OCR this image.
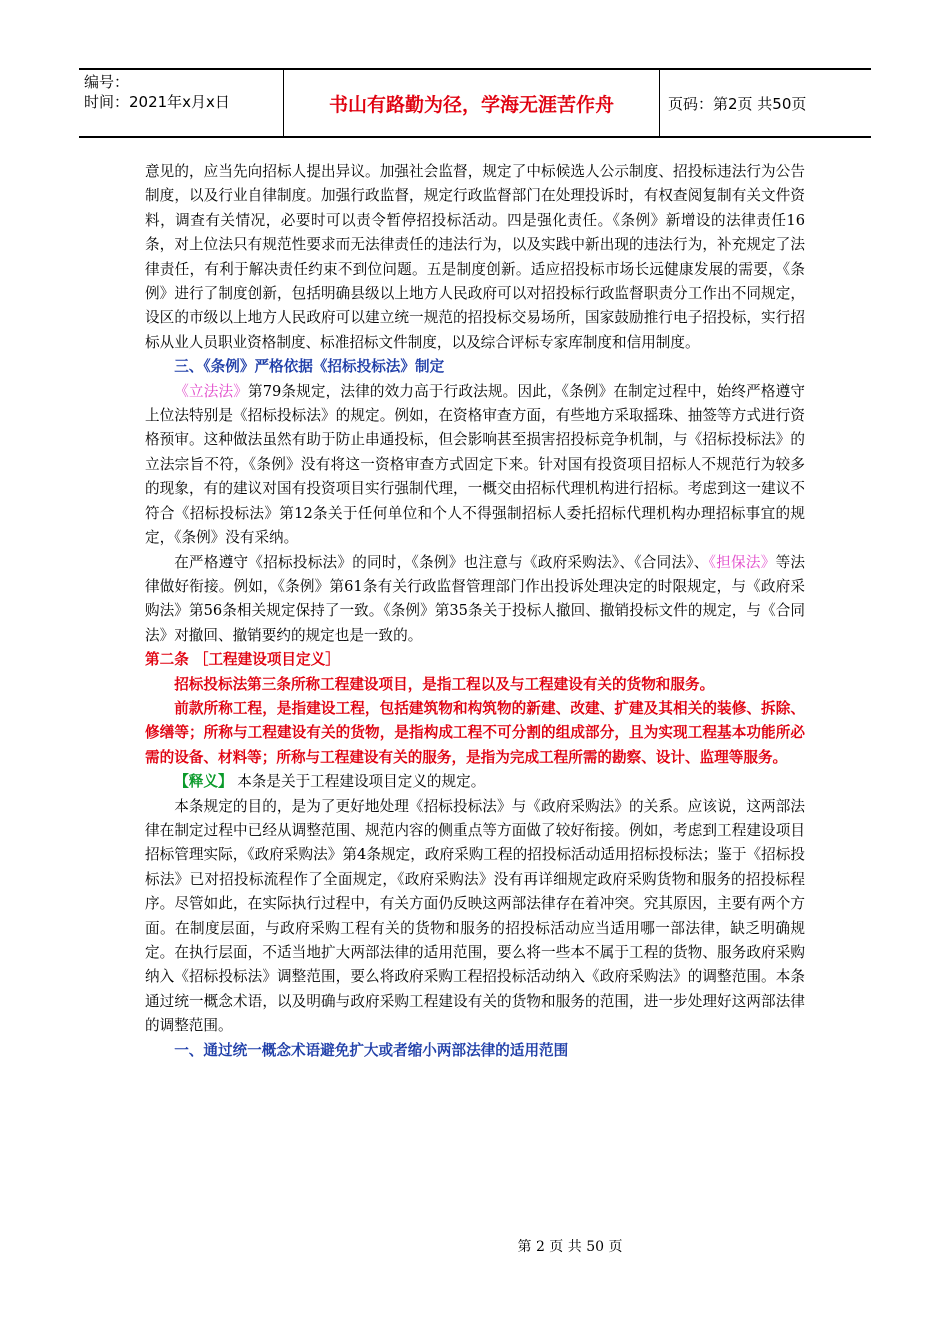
编号：
时间：2021年x月x日	书山有路勤为径，学海无涯苦作舟	页码：第2页 共50页

意见的，应当先向招标人提出异议。加强社会监督，规定了中标候选人公示制度、招投标违法行为公告制度，以及行业自律制度。加强行政监督，规定行政监督部门在处理投诉时，有权查阅复制有关文件资料，调查有关情况，必要时可以责令暂停招投标活动。四是强化责任。《条例》新增设的法律责任16条，对上位法只有规范性要求而无法律责任的违法行为，以及实践中新出现的违法行为，补充规定了法律责任，有利于解决责任约束不到位问题。五是制度创新。适应招投标市场长远健康发展的需要，《条例》进行了制度创新，包括明确县级以上地方人民政府可以对招投标行政监督职责分工作出不同规定，设区的市级以上地方人民政府可以建立统一规范的招投标交易场所，国家鼓励推行电子招投标，实行招标从业人员职业资格制度、标准招标文件制度，以及综合评标专家库制度和信用制度。

三、《条例》严格依据《招标投标法》制定

《立法法》第79条规定，法律的效力高于行政法规。因此，《条例》在制定过程中，始终严格遵守上位法特别是《招标投标法》的规定。例如，在资格审查方面，有些地方采取摇珠、抽签等方式进行资格预审。这种做法虽然有助于防止串通投标，但会影响甚至损害招投标竞争机制，与《招标投标法》的立法宗旨不符，《条例》没有将这一资格审查方式固定下来。针对国有投资项目招标人不规范行为较多的现象，有的建议对国有投资项目实行强制代理，一概交由招标代理机构进行招标。考虑到这一建议不符合《招标投标法》第12条关于任何单位和个人不得强制招标人委托招标代理机构办理招标事宜的规定，《条例》没有采纳。

在严格遵守《招标投标法》的同时，《条例》也注意与《政府采购法》、《合同法》、《担保法》等法律做好衔接。例如，《条例》第61条有关行政监督管理部门作出投诉处理决定的时限规定，与《政府采购法》第56条相关规定保持了一致。《条例》第35条关于投标人撤回、撤销投标文件的规定，与《合同法》对撤回、撤销要约的规定也是一致的。

第二条 ［工程建设项目定义］

招标投标法第三条所称工程建设项目，是指工程以及与工程建设有关的货物和服务。

前款所称工程，是指建设工程，包括建筑物和构筑物的新建、改建、扩建及其相关的装修、拆除、修缮等；所称与工程建设有关的货物，是指构成工程不可分割的组成部分，且为实现工程基本功能所必需的设备、材料等；所称与工程建设有关的服务，是指为完成工程所需的勘察、设计、监理等服务。

【释义】 本条是关于工程建设项目定义的规定。

本条规定的目的，是为了更好地处理《招标投标法》与《政府采购法》的关系。应该说，这两部法律在制定过程中已经从调整范围、规范内容的侧重点等方面做了较好衔接。例如，考虑到工程建设项目招标管理实际，《政府采购法》第4条规定，政府采购工程的招投标活动适用招标投标法；鉴于《招标投标法》已对招投标流程作了全面规定，《政府采购法》没有再详细规定政府采购货物和服务的招投标程序。尽管如此，在实际执行过程中，有关方面仍反映这两部法律存在着冲突。究其原因，主要有两个方面。在制度层面，与政府采购工程有关的货物和服务的招投标活动应当适用哪一部法律，缺乏明确规定。在执行层面，不适当地扩大两部法律的适用范围，要么将一些本不属于工程的货物、服务政府采购纳入《招标投标法》调整范围，要么将政府采购工程招投标活动纳入《政府采购法》的调整范围。本条通过统一概念术语，以及明确与政府采购工程建设有关的货物和服务的范围，进一步处理好这两部法律的调整范围。

一、通过统一概念术语避免扩大或者缩小两部法律的适用范围

第 2 页 共 50 页
